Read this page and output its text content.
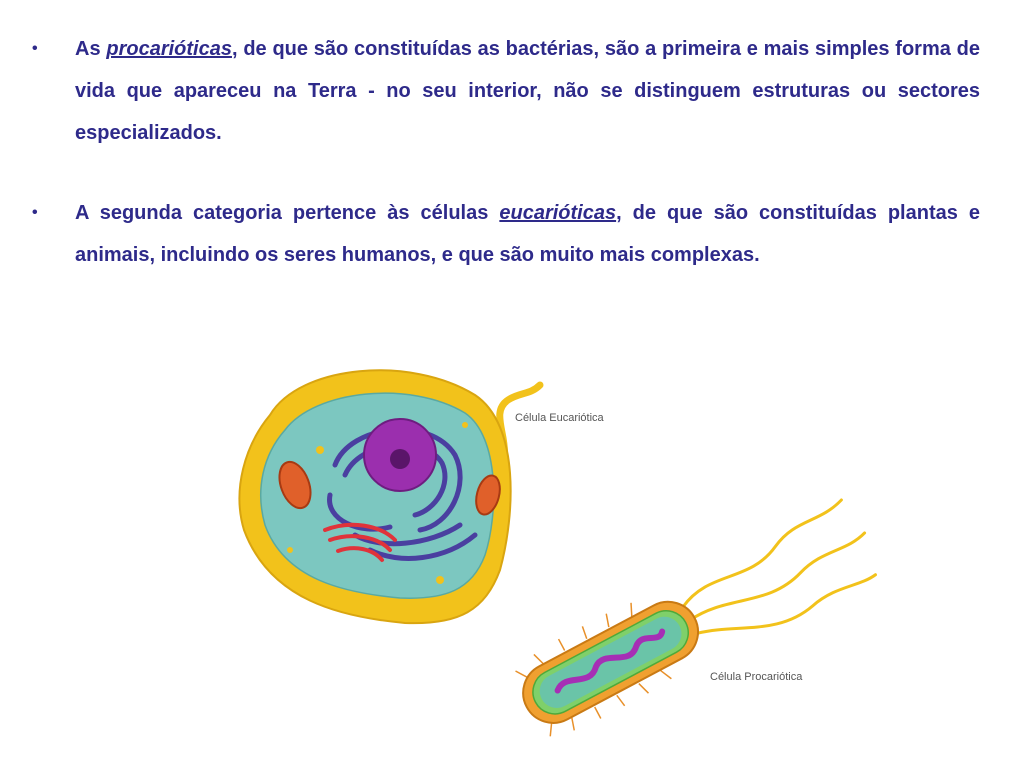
• As procarióticas, de que são constituídas as bactérias, são a primeira e mais simples forma de vida que apareceu na Terra - no seu interior, não se distinguem estruturas ou sectores especializados.
• A segunda categoria pertence às células eucarióticas, de que são constituídas plantas e animais, incluindo os seres humanos, e que são muito mais complexas.
Célula Eucariótica
Célula Procariótica
